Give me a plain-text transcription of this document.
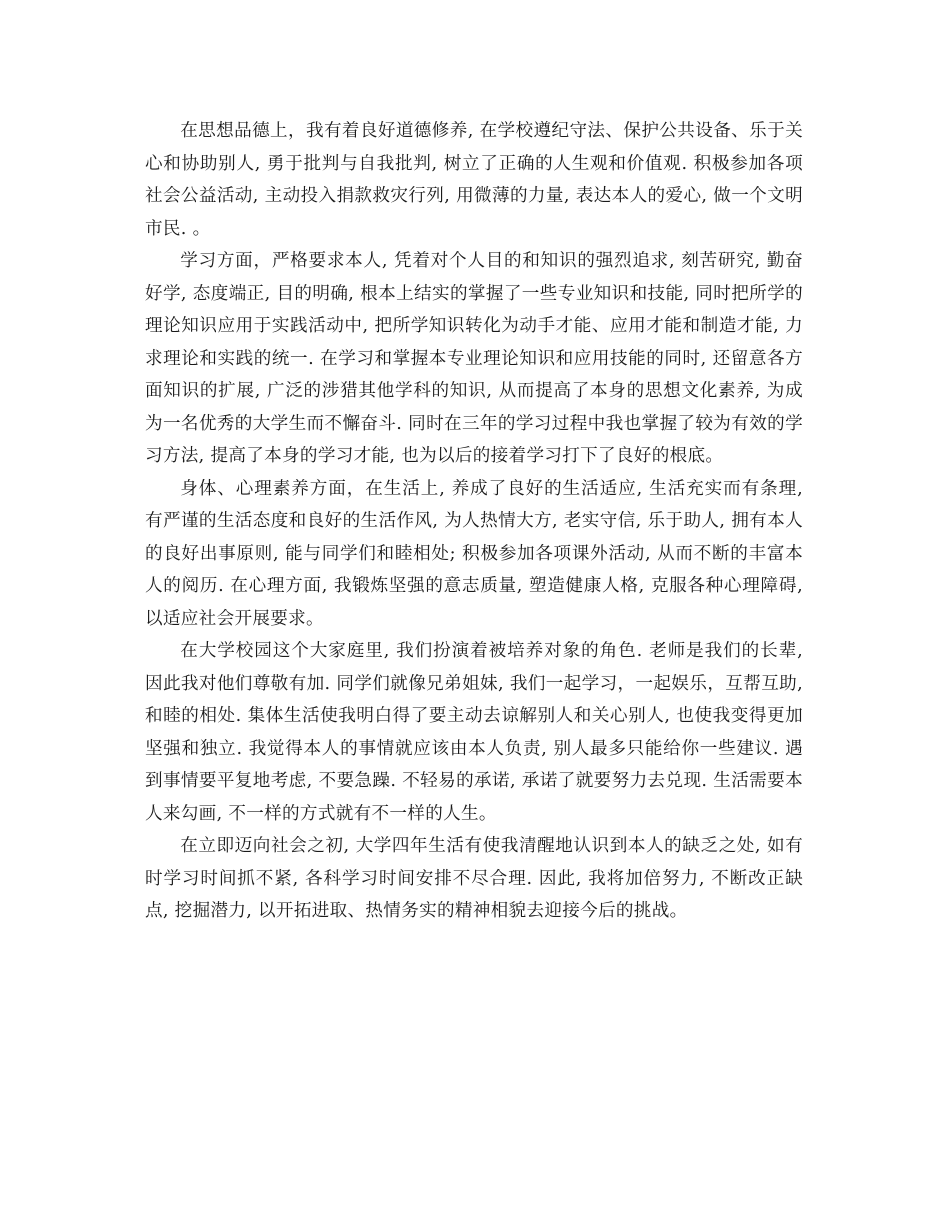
在思想品德上，我有着良好道德修养, 在学校遵纪守法、保护公共设备、乐于关心和协助别人, 勇于批判与自我批判, 树立了正确的人生观和价值观. 积极参加各项社会公益活动, 主动投入捐款救灾行列, 用微薄的力量, 表达本人的爱心, 做一个文明市民. 。

学习方面，严格要求本人, 凭着对个人目的和知识的强烈追求, 刻苦研究, 勤奋好学, 态度端正, 目的明确, 根本上结实的掌握了一些专业知识和技能, 同时把所学的理论知识应用于实践活动中, 把所学知识转化为动手才能、应用才能和制造才能, 力求理论和实践的统一. 在学习和掌握本专业理论知识和应用技能的同时, 还留意各方面知识的扩展, 广泛的涉猎其他学科的知识, 从而提高了本身的思想文化素养, 为成为一名优秀的大学生而不懈奋斗. 同时在三年的学习过程中我也掌握了较为有效的学习方法, 提高了本身的学习才能, 也为以后的接着学习打下了良好的根底。

身体、心理素养方面，在生活上, 养成了良好的生活适应, 生活充实而有条理, 有严谨的生活态度和良好的生活作风, 为人热情大方, 老实守信, 乐于助人, 拥有本人的良好出事原则, 能与同学们和睦相处; 积极参加各项课外活动, 从而不断的丰富本人的阅历. 在心理方面, 我锻炼坚强的意志质量, 塑造健康人格, 克服各种心理障碍, 以适应社会开展要求。

在大学校园这个大家庭里, 我们扮演着被培养对象的角色. 老师是我们的长辈, 因此我对他们尊敬有加. 同学们就像兄弟姐妹, 我们一起学习，一起娱乐，互帮互助, 和睦的相处. 集体生活使我明白得了要主动去谅解别人和关心别人, 也使我变得更加坚强和独立. 我觉得本人的事情就应该由本人负责, 别人最多只能给你一些建议. 遇到事情要平复地考虑, 不要急躁. 不轻易的承诺, 承诺了就要努力去兑现. 生活需要本人来勾画, 不一样的方式就有不一样的人生。

在立即迈向社会之初, 大学四年生活有使我清醒地认识到本人的缺乏之处, 如有时学习时间抓不紧, 各科学习时间安排不尽合理. 因此, 我将加倍努力, 不断改正缺点, 挖掘潜力, 以开拓进取、热情务实的精神相貌去迎接今后的挑战。
